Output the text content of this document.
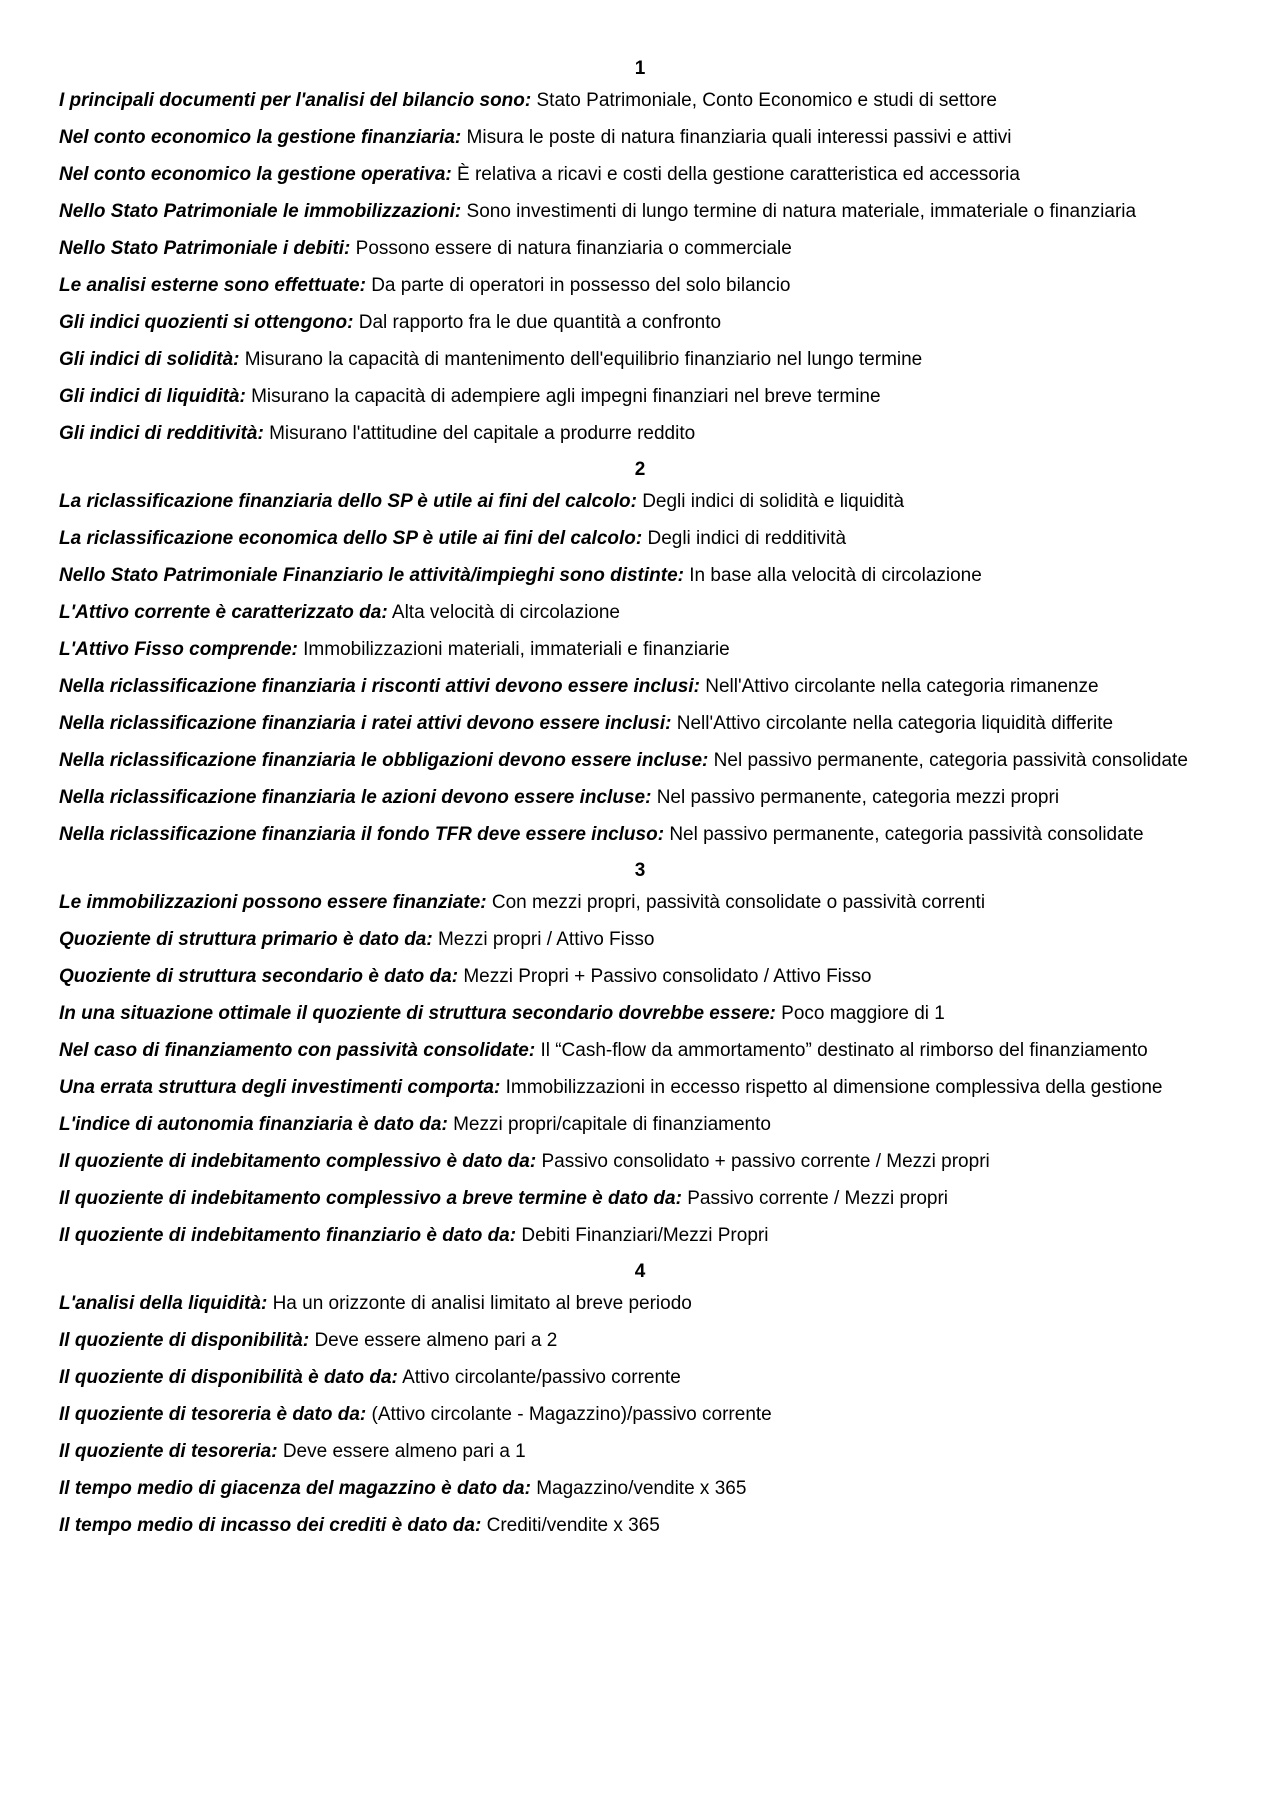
1
I principali documenti per l'analisi del bilancio sono: Stato Patrimoniale, Conto Economico e studi di settore
Nel conto economico la gestione finanziaria: Misura le poste di natura finanziaria quali interessi passivi e attivi
Nel conto economico la gestione operativa: È relativa a ricavi e costi della gestione caratteristica ed accessoria
Nello Stato Patrimoniale le immobilizzazioni: Sono investimenti di lungo termine di natura materiale, immateriale o finanziaria
Nello Stato Patrimoniale i debiti: Possono essere di natura finanziaria o commerciale
Le analisi esterne sono effettuate: Da parte di operatori in possesso del solo bilancio
Gli indici quozienti si ottengono: Dal rapporto fra le due quantità a confronto
Gli indici di solidità: Misurano la capacità di mantenimento dell'equilibrio finanziario nel lungo termine
Gli indici di liquidità: Misurano la capacità di adempiere agli impegni finanziari nel breve termine
Gli indici di redditività: Misurano l'attitudine del capitale a produrre reddito
2
La riclassificazione finanziaria dello SP è utile ai fini del calcolo: Degli indici di solidità e liquidità
La riclassificazione economica dello SP è utile ai fini del calcolo: Degli indici di redditività
Nello Stato Patrimoniale Finanziario le attività/impieghi sono distinte: In base alla velocità di circolazione
L'Attivo corrente è caratterizzato da: Alta velocità di circolazione
L'Attivo Fisso comprende: Immobilizzazioni materiali, immateriali e finanziarie
Nella riclassificazione finanziaria i risconti attivi devono essere inclusi: Nell'Attivo circolante nella categoria rimanenze
Nella riclassificazione finanziaria i ratei attivi devono essere inclusi: Nell'Attivo circolante nella categoria liquidità differite
Nella riclassificazione finanziaria le obbligazioni devono essere incluse: Nel passivo permanente, categoria passività consolidate
Nella riclassificazione finanziaria le azioni devono essere incluse: Nel passivo permanente, categoria mezzi propri
Nella riclassificazione finanziaria il fondo TFR deve essere incluso: Nel passivo permanente, categoria passività consolidate
3
Le immobilizzazioni possono essere finanziate: Con mezzi propri, passività consolidate o passività correnti
Quoziente di struttura primario è dato da: Mezzi propri / Attivo Fisso
Quoziente di struttura secondario è dato da: Mezzi Propri + Passivo consolidato / Attivo Fisso
In una situazione ottimale il quoziente di struttura secondario dovrebbe essere: Poco maggiore di 1
Nel caso di finanziamento con passività consolidate: Il “Cash-flow da ammortamento” destinato al rimborso del finanziamento
Una errata struttura degli investimenti comporta: Immobilizzazioni in eccesso rispetto al dimensione complessiva della gestione
L'indice di autonomia finanziaria è dato da: Mezzi propri/capitale di finanziamento
Il quoziente di indebitamento complessivo è dato da: Passivo consolidato + passivo corrente / Mezzi propri
Il quoziente di indebitamento complessivo a breve termine è dato da: Passivo corrente / Mezzi propri
Il quoziente di indebitamento finanziario è dato da: Debiti Finanziari/Mezzi Propri
4
L'analisi della liquidità: Ha un orizzonte di analisi limitato al breve periodo
Il quoziente di disponibilità: Deve essere almeno pari a 2
Il quoziente di disponibilità è dato da: Attivo circolante/passivo corrente
Il quoziente di tesoreria è dato da: (Attivo circolante - Magazzino)/passivo corrente
Il quoziente di tesoreria: Deve essere almeno pari a 1
Il tempo medio di giacenza del magazzino è dato da: Magazzino/vendite x 365
Il tempo medio di incasso dei crediti è dato da: Crediti/vendite x 365
